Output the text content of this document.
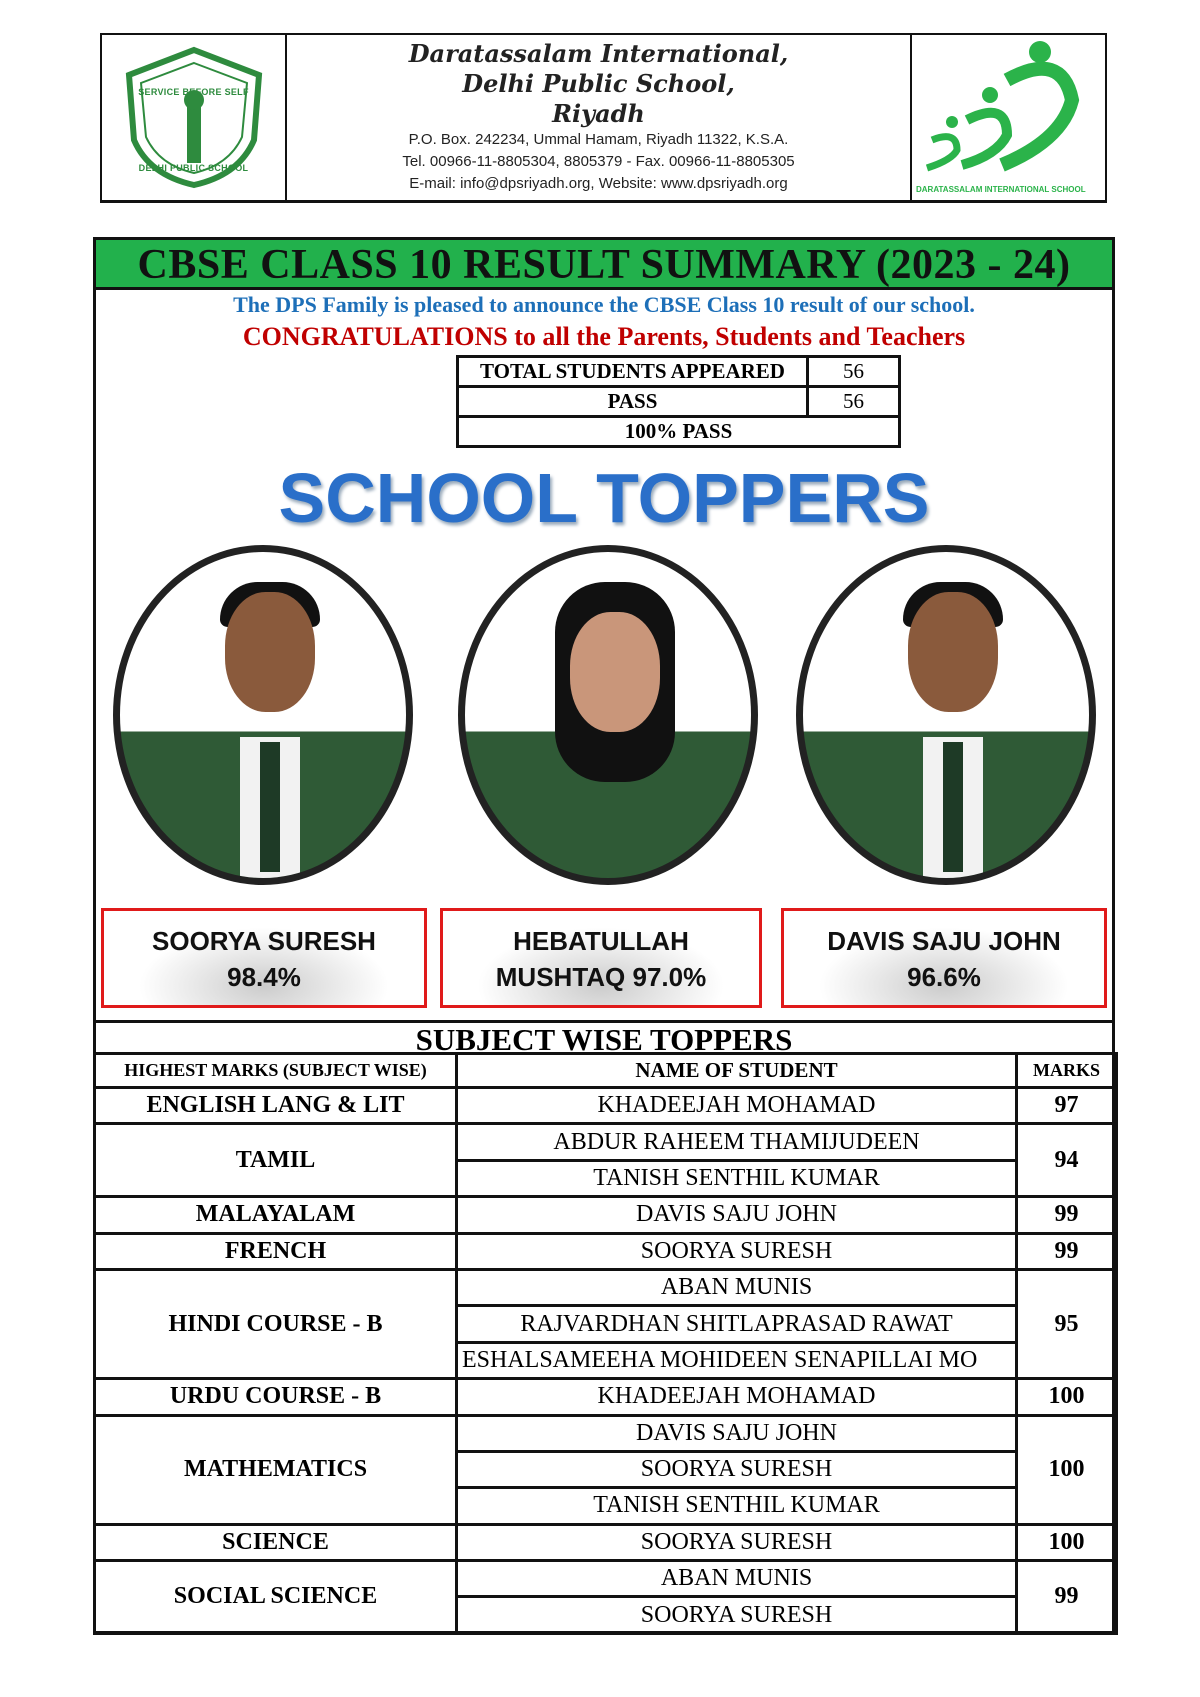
SERVICE BEFORE SELF
DELHI PUBLIC SCHOOL
Daratassalam International,
Delhi Public School,
Riyadh
P.O. Box. 242234, Ummal Hamam, Riyadh 11322, K.S.A.
Tel. 00966-11-8805304, 8805379 - Fax. 00966-11-8805305
E-mail: info@dpsriyadh.org, Website: www.dpsriyadh.org	DARATASSALAM INTERNATIONAL SCHOOL
CBSE CLASS 10 RESULT SUMMARY (2023 - 24)
The DPS Family is pleased to announce the CBSE Class 10 result of our school.
CONGRATULATIONS to all the Parents, Students and Teachers
TOTAL STUDENTS APPEARED	56
PASS	56
100% PASS	
SCHOOL TOPPERS
SOORYA SURESH
98.4%
HEBATULLAH
MUSHTAQ 97.0%
DAVIS SAJU JOHN
96.6%
SUBJECT WISE TOPPERS
HIGHEST MARKS (SUBJECT WISE)	NAME OF STUDENT	MARKS
ENGLISH LANG & LIT	KHADEEJAH MOHAMAD	97
TAMIL	ABDUR RAHEEM THAMIJUDEEN	94
	TANISH SENTHIL KUMAR	
MALAYALAM	DAVIS SAJU JOHN	99
FRENCH	SOORYA SURESH	99
HINDI COURSE - B	ABAN MUNIS	95
	RAJVARDHAN SHITLAPRASAD RAWAT	
	ESHALSAMEEHA MOHIDEEN SENAPILLAI MO	
URDU COURSE - B	KHADEEJAH MOHAMAD	100
MATHEMATICS	DAVIS SAJU JOHN	100
	SOORYA SURESH	
	TANISH SENTHIL KUMAR	
SCIENCE	SOORYA SURESH	100
SOCIAL SCIENCE	ABAN MUNIS	99
	SOORYA SURESH	
